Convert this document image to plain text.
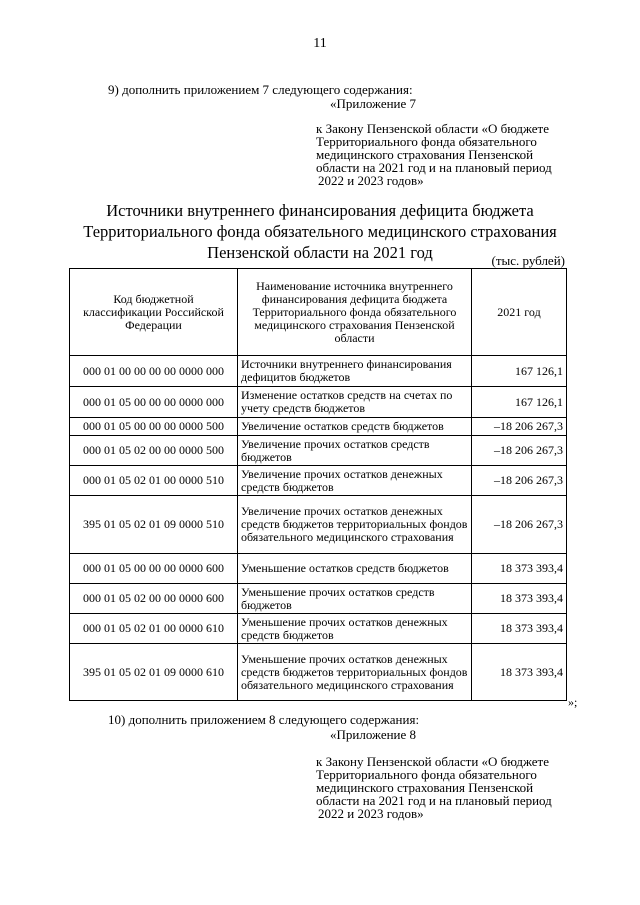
11
9) дополнить приложением 7 следующего содержания:
«Приложение 7
к Закону Пензенской области «О бюджете
Территориального фонда обязательного
медицинского страхования Пензенской
области на 2021 год и на плановый период
2022 и 2023 годов»
Источники внутреннего финансирования дефицита бюджета
Территориального фонда обязательного медицинского страхования
Пензенской области на 2021 год	(тыс. рублей)
Код бюджетной классификации Российской Федерации	Наименование источника внутреннего финансирования дефицита бюджета Территориального фонда обязательного медицинского страхования Пензенской области	2021 год
000 01 00 00 00 00 0000 000	Источники внутреннего финансирования дефицитов бюджетов	167 126,1
000 01 05 00 00 00 0000 000	Изменение остатков средств на счетах по учету средств бюджетов	167 126,1
000 01 05 00 00 00 0000 500	Увеличение остатков средств бюджетов	–18 206 267,3
000 01 05 02 00 00 0000 500	Увеличение прочих остатков средств бюджетов	–18 206 267,3
000 01 05 02 01 00 0000 510	Увеличение прочих остатков денежных средств бюджетов	–18 206 267,3
395 01 05 02 01 09 0000 510	Увеличение прочих остатков денежных средств бюджетов территориальных фондов обязательного медицинского страхования	–18 206 267,3
000 01 05 00 00 00 0000 600	Уменьшение остатков средств бюджетов	18 373 393,4
000 01 05 02 00 00 0000 600	Уменьшение прочих остатков средств бюджетов	18 373 393,4
000 01 05 02 01 00 0000 610	Уменьшение прочих остатков денежных средств бюджетов	18 373 393,4
395 01 05 02 01 09 0000 610	Уменьшение прочих остатков денежных средств бюджетов территориальных фондов обязательного медицинского страхования	18 373 393,4
»;
10) дополнить приложением 8 следующего содержания:
«Приложение 8
к Закону Пензенской области «О бюджете
Территориального фонда обязательного
медицинского страхования Пензенской
области на 2021 год и на плановый период
2022 и 2023 годов»
